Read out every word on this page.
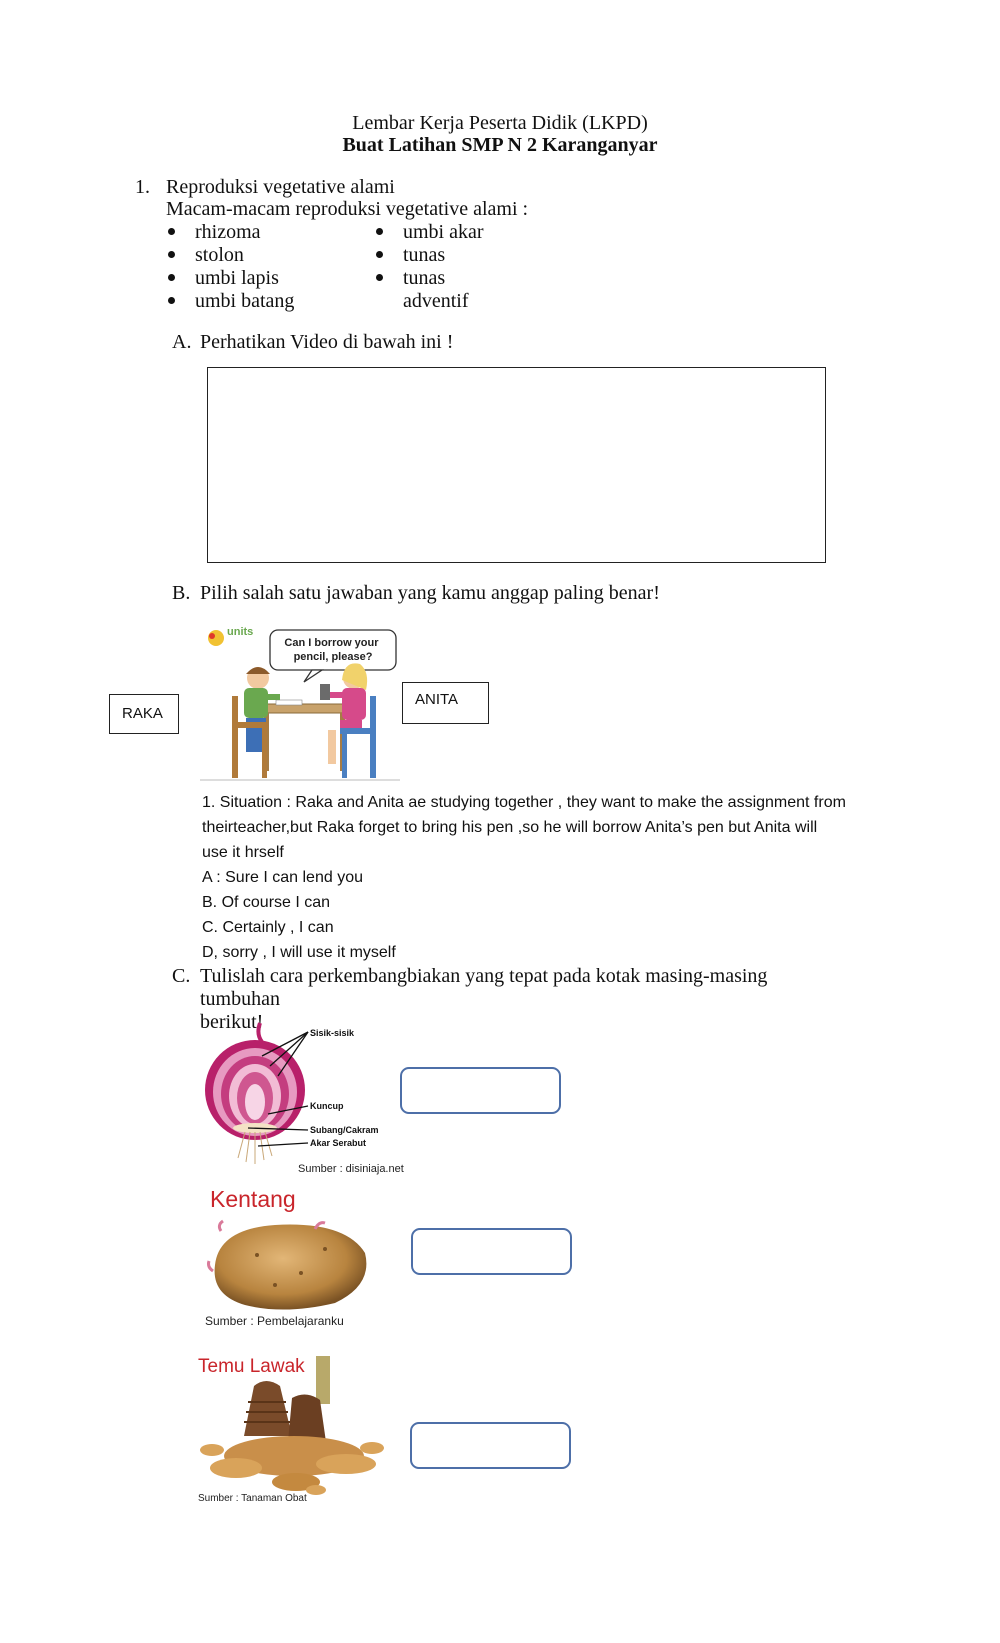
Lembar Kerja Peserta Didik (LKPD)
Buat Latihan SMP N 2 Karanganyar
1. Reproduksi vegetative alami
Macam-macam reproduksi vegetative alami :
rhizoma
stolon
umbi lapis
umbi batang
umbi akar
tunas
tunas
adventif
A. Perhatikan Video di bawah ini !
B. Pilih salah satu jawaban yang kamu anggap paling benar!
units
Can I borrow your pencil, please?
RAKA
ANITA
1. Situation : Raka and Anita ae studying together , they want to make the assignment from
theirteacher,but Raka forget to bring his pen ,so he will borrow Anita’s pen but Anita will
use it hrself
A : Sure I can lend you
B. Of course I can
C. Certainly , I can
D, sorry , I will use it myself
C. Tulislah cara perkembangbiakan yang tepat pada kotak masing-masing tumbuhan
berikut!	Sisik-sisik
Kuncup
Subang/Cakram
Akar Serabut
Sumber : disiniaja.net
Kentang
Sumber : Pembelajaranku
Temu Lawak
Sumber : Tanaman Obat
